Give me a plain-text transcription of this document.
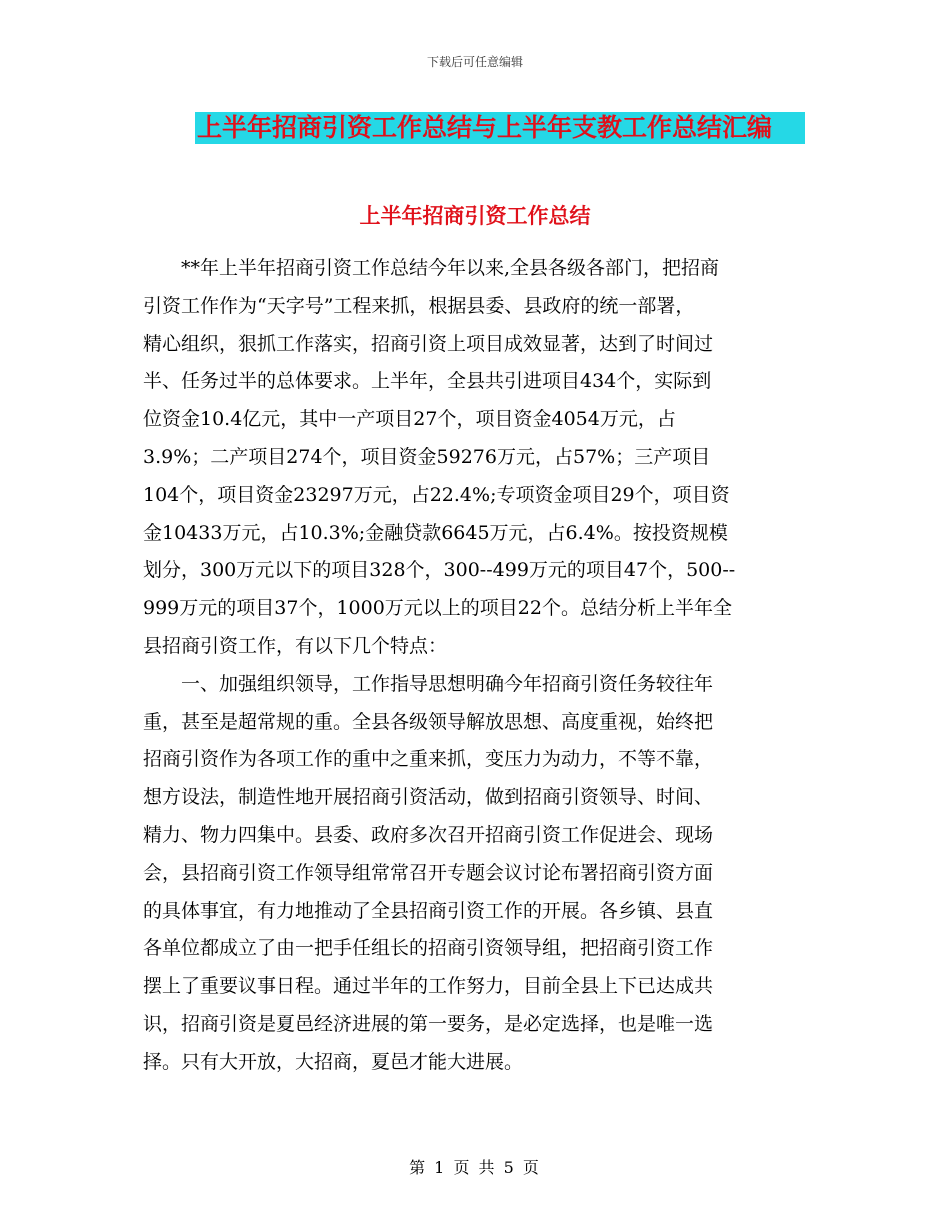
下载后可任意编辑
上半年招商引资工作总结与上半年支教工作总结汇编
上半年招商引资工作总结
**年上半年招商引资工作总结今年以来,全县各级各部门，把招商
引资工作作为“天字号”工程来抓，根据县委、县政府的统一部署，
精心组织，狠抓工作落实，招商引资上项目成效显著，达到了时间过
半、任务过半的总体要求。上半年，全县共引进项目434个，实际到
位资金10.4亿元，其中一产项目27个，项目资金4054万元，占
3.9%；二产项目274个，项目资金59276万元，占57%；三产项目
104个，项目资金23297万元，占22.4%;专项资金项目29个，项目资
金10433万元，占10.3%;金融贷款6645万元，占6.4%。按投资规模
划分，300万元以下的项目328个，300--499万元的项目47个，500--
999万元的项目37个，1000万元以上的项目22个。总结分析上半年全
县招商引资工作，有以下几个特点：
一、加强组织领导，工作指导思想明确今年招商引资任务较往年
重，甚至是超常规的重。全县各级领导解放思想、高度重视，始终把
招商引资作为各项工作的重中之重来抓，变压力为动力，不等不靠，
想方设法，制造性地开展招商引资活动，做到招商引资领导、时间、
精力、物力四集中。县委、政府多次召开招商引资工作促进会、现场
会，县招商引资工作领导组常常召开专题会议讨论布署招商引资方面
的具体事宜，有力地推动了全县招商引资工作的开展。各乡镇、县直
各单位都成立了由一把手任组长的招商引资领导组，把招商引资工作
摆上了重要议事日程。通过半年的工作努力，目前全县上下已达成共
识，招商引资是夏邑经济进展的第一要务，是必定选择，也是唯一选
择。只有大开放，大招商，夏邑才能大进展。
第 1 页 共 5 页
